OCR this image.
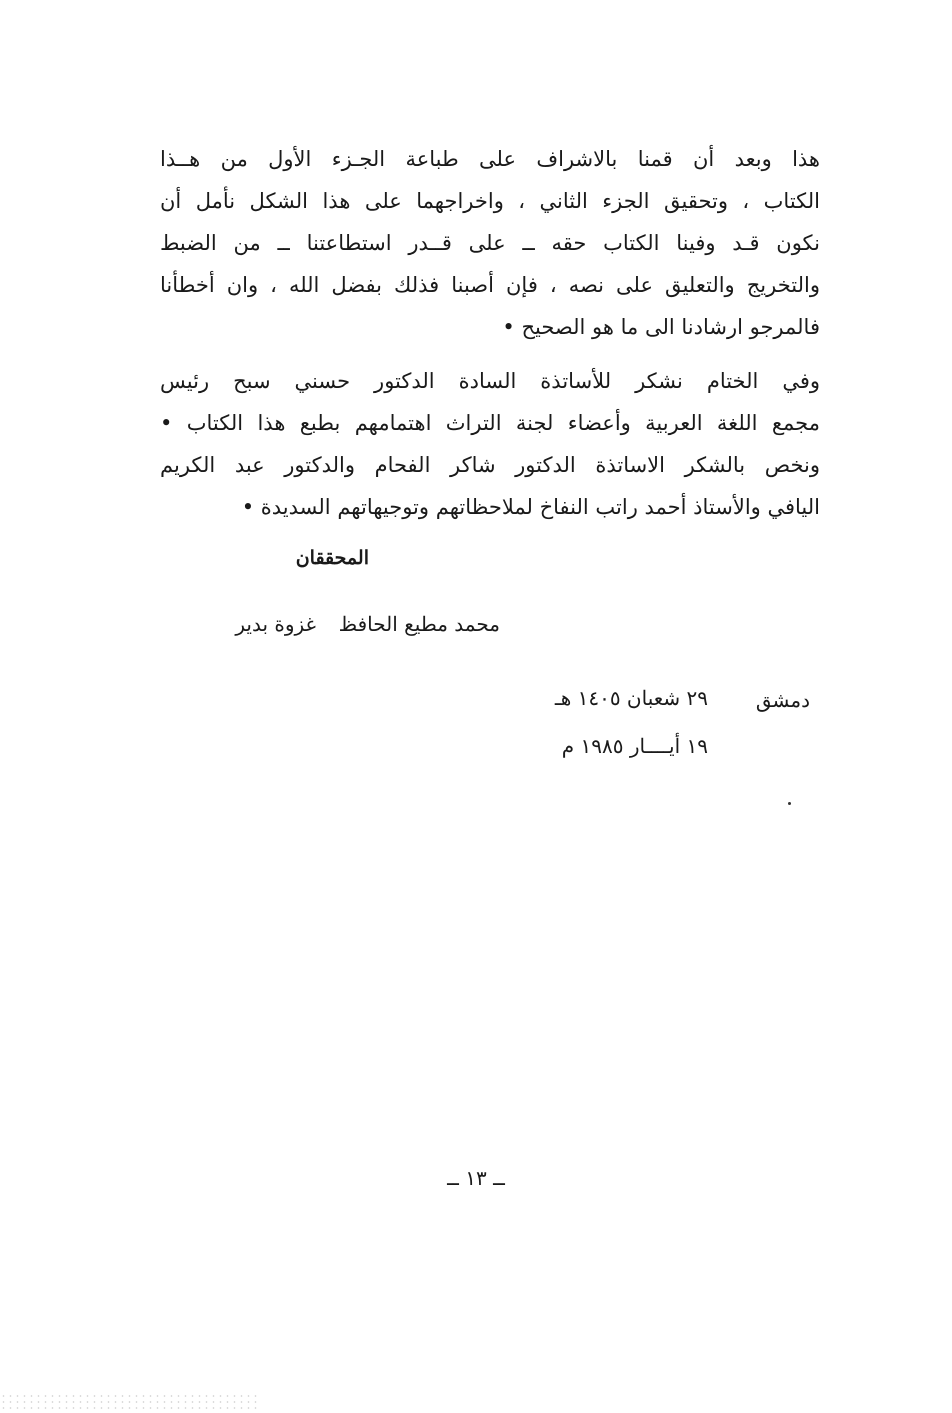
هذا وبعد أن قمنا بالاشراف على طباعة الجـزء الأول من هــذا
الكتاب ، وتحقيق الجزء الثاني ، واخراجهما على هذا الشكل نأمل أن
نكون قـد وفينا الكتاب حقه ــ على قــدر استطاعتنا ــ من الضبط
والتخريج والتعليق على نصه ، فإن أصبنا فذلك بفضل الله ، وان أخطأنا
فالمرجو ارشادنا الى ما هو الصحيح •
وفي الختام نشكر للأساتذة السادة الدكتور حسني سبح رئيس
مجمع اللغة العربية وأعضاء لجنة التراث اهتمامهم بطبع هذا الكتاب •
ونخص بالشكر الاساتذة الدكتور شاكر الفحام والدكتور عبد الكريم
اليافي والأستاذ أحمد راتب النفاخ لملاحظاتهم وتوجيهاتهم السديدة •
المحققان
محمد مطيع الحافظ
غزوة بدير
دمشق
٢٩ شعبان ١٤٠٥ هـ
١٩ أيــــار ١٩٨٥ م
ــ ١٣ ــ
